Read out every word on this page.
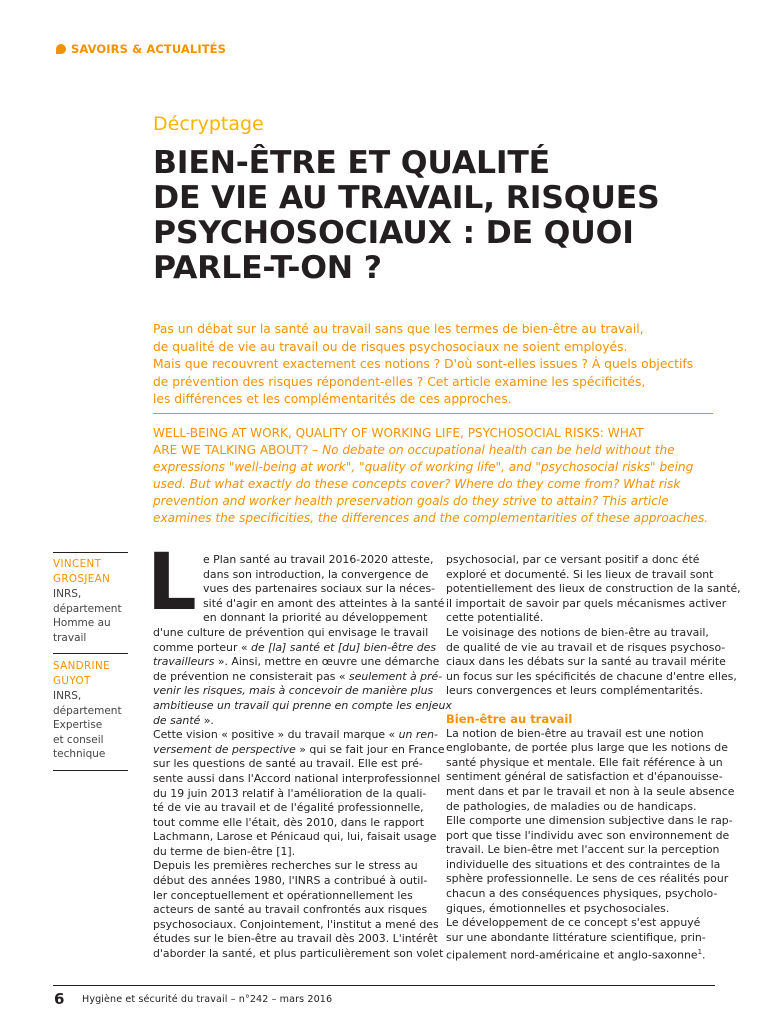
SAVOIRS & ACTUALITÉS
Décryptage
BIEN-ÊTRE ET QUALITÉ
DE VIE AU TRAVAIL, RISQUES
PSYCHOSOCIAUX : DE QUOI
PARLE-T-ON ?
Pas un débat sur la santé au travail sans que les termes de bien-être au travail,
de qualité de vie au travail ou de risques psychosociaux ne soient employés.
Mais que recouvrent exactement ces notions ? D'où sont-elles issues ? À quels objectifs
de prévention des risques répondent-elles ? Cet article examine les spécificités,
les différences et les complémentarités de ces approches.
WELL-BEING AT WORK, QUALITY OF WORKING LIFE, PSYCHOSOCIAL RISKS: WHAT
ARE WE TALKING ABOUT? – No debate on occupational health can be held without the
expressions "well-being at work", "quality of working life", and "psychosocial risks" being
used. But what exactly do these concepts cover? Where do they come from? What risk
prevention and worker health preservation goals do they strive to attain? This article
examines the specificities, the differences and the complementarities of these approaches.
VINCENT
GROSJEAN
INRS,
département
Homme au
travail
SANDRINE
GUYOT
INRS,
département
Expertise
et conseil
technique
L e Plan santé au travail 2016-2020 atteste,
dans son introduction, la convergence de
vues des partenaires sociaux sur la néces-
sité d'agir en amont des atteintes à la santé
en donnant la priorité au développement
d'une culture de prévention qui envisage le travail
comme porteur « de [la] santé et [du] bien-être des
travailleurs ». Ainsi, mettre en œuvre une démarche
de prévention ne consisterait pas « seulement à pré-
venir les risques, mais à concevoir de manière plus
ambitieuse un travail qui prenne en compte les enjeux
de santé ».
Cette vision « positive » du travail marque « un ren-
versement de perspective » qui se fait jour en France
sur les questions de santé au travail. Elle est pré-
sente aussi dans l'Accord national interprofessionnel
du 19 juin 2013 relatif à l'amélioration de la quali-
té de vie au travail et de l'égalité professionnelle,
tout comme elle l'était, dès 2010, dans le rapport
Lachmann, Larose et Pénicaud qui, lui, faisait usage
du terme de bien-être [1].
Depuis les premières recherches sur le stress au
début des années 1980, l'INRS a contribué à outil-
ler conceptuellement et opérationnellement les
acteurs de santé au travail confrontés aux risques
psychosociaux. Conjointement, l'institut a mené des
études sur le bien-être au travail dès 2003. L'intérêt
d'aborder la santé, et plus particulièrement son volet
psychosocial, par ce versant positif a donc été
exploré et documenté. Si les lieux de travail sont
potentiellement des lieux de construction de la santé,
il importait de savoir par quels mécanismes activer
cette potentialité.
Le voisinage des notions de bien-être au travail,
de qualité de vie au travail et de risques psychoso-
ciaux dans les débats sur la santé au travail mérite
un focus sur les spécificités de chacune d'entre elles,
leurs convergences et leurs complémentarités.
Bien-être au travail
La notion de bien-être au travail est une notion
englobante, de portée plus large que les notions de
santé physique et mentale. Elle fait référence à un
sentiment général de satisfaction et d'épanouisse-
ment dans et par le travail et non à la seule absence
de pathologies, de maladies ou de handicaps.
Elle comporte une dimension subjective dans le rap-
port que tisse l'individu avec son environnement de
travail. Le bien-être met l'accent sur la perception
individuelle des situations et des contraintes de la
sphère professionnelle. Le sens de ces réalités pour
chacun a des conséquences physiques, psycholo-
giques, émotionnelles et psychosociales.
Le développement de ce concept s'est appuyé
sur une abondante littérature scientifique, prin-
cipalement nord-américaine et anglo-saxonne$^1$.
6 Hygiène et sécurité du travail – n°242 – mars 2016
